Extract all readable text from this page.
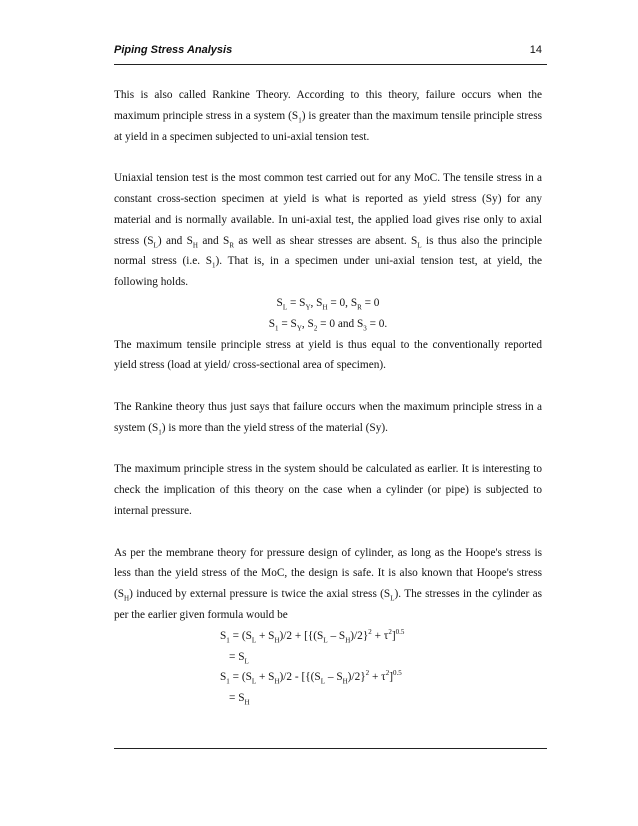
Piping Stress Analysis	14

This is also called Rankine Theory. According to this theory, failure occurs when the maximum principle stress in a system $(S_1)$ is greater than the maximum tensile principle stress at yield in a specimen subjected to uni-axial tension test.

Uniaxial tension test is the most common test carried out for any MoC. The tensile stress in a constant cross-section specimen at yield is what is reported as yield stress (Sy) for any material and is normally available. In uni-axial test, the applied load gives rise only to axial stress $(S_L)$ and $S_H$ and $S_R$ as well as shear stresses are absent. $S_L$ is thus also the principle normal stress (i.e. $S_1$). That is, in a specimen under uni-axial tension test, at yield, the following holds.

$S_L = S_Y$, $S_H = 0$, $S_R = 0$

$S_1 = S_Y$, $S_2 = 0$ and $S_3 = 0$.

The maximum tensile principle stress at yield is thus equal to the conventionally reported yield stress (load at yield/ cross-sectional area of specimen).

The Rankine theory thus just says that failure occurs when the maximum principle stress in a system $(S_1)$ is more than the yield stress of the material (Sy).

The maximum principle stress in the system should be calculated as earlier. It is interesting to check the implication of this theory on the case when a cylinder (or pipe) is subjected to internal pressure.

As per the membrane theory for pressure design of cylinder, as long as the Hoope's stress is less than the yield stress of the MoC, the design is safe. It is also known that Hoope's stress $(S_H)$ induced by external pressure is twice the axial stress $(S_L)$. The stresses in the cylinder as per the earlier given formula would be

$S_1 = (S_L + S_H)/2 + [\{(S_L - S_H)/2\}^2 + \tau^2]^{0.5}$

= $S_L$

$S_1 = (S_L + S_H)/2 - [\{(S_L - S_H)/2\}^2 + \tau^2]^{0.5}$

= $S_H$
